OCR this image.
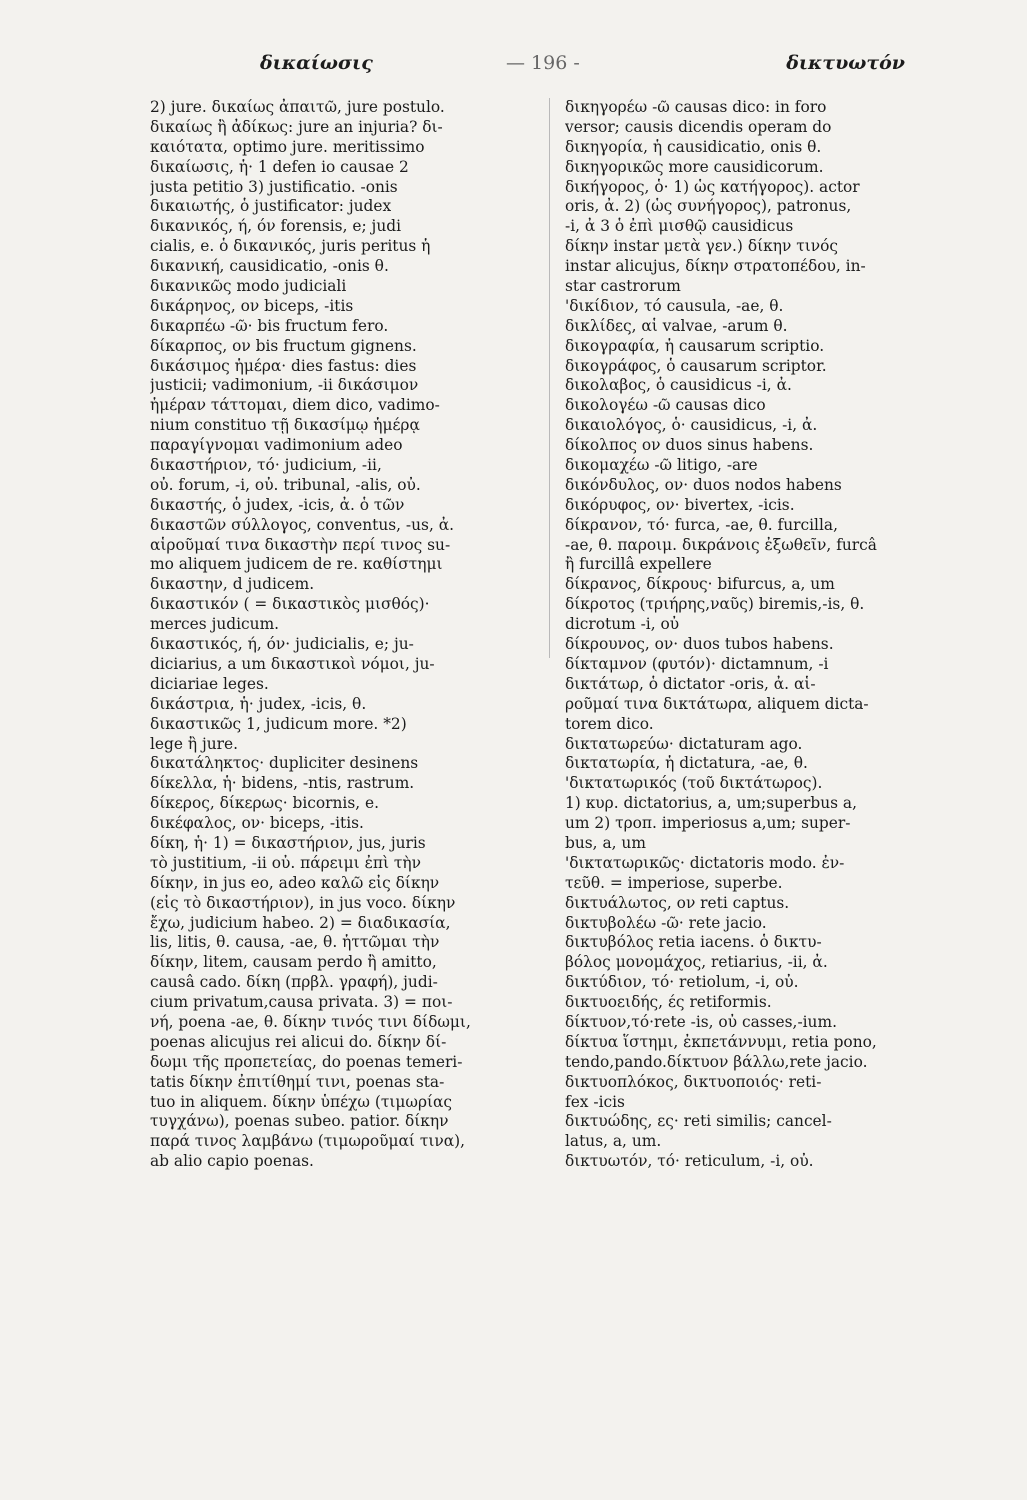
δικαίωσις	— 196 -	δικτυωτόν
2) jure. δικαίως ἀπαιτῶ, jure postulo.
δικαίως ἢ ἀδίκως: jure an injuria? δι-
καιότατα, optimo jure. meritissimo
δικαίωσις, ἡ· 1 defen io causae 2
justa petitio 3) justificatio. -onis
δικαιωτής, ὁ justificator: judex
δικανικός, ή, όν forensis, e; judi
cialis, e. ὁ δικανικός, juris peritus ἡ
δικανική, causidicatio, -onis θ.
δικανικῶς modo judiciali
δικάρηνος, ον biceps, -itis
δικαρπέω -ῶ· bis fructum fero.
δίκαρπος, ον bis fructum gignens.
δικάσιμος ἡμέρα· dies fastus: dies
justicii; vadimonium, -ii δικάσιμον
ἡμέραν τάττομαι, diem dico, vadimo-
nium constituo τῇ δικασίμῳ ἡμέρᾳ
παραγίγνομαι vadimonium adeo
δικαστήριον, τό· judicium, -ii,
οὐ. forum, -i, οὐ. tribunal, -alis, οὐ.
δικαστής, ὁ judex, -icis, ἀ. ὁ τῶν
δικαστῶν σύλλογος, conventus, -us, ἀ.
αἱροῦμαί τινα δικαστὴν περί τινος su-
mo aliquem judicem de re. καθίστημι
δικαστην, d judicem.
δικαστικόν ( = δικαστικὸς μισθός)·
merces judicum.
δικαστικός, ή, όν· judicialis, e; ju-
diciarius, a um δικαστικοὶ νόμοι, ju-
diciariae leges.
δικάστρια, ἡ· judex, -icis, θ.
δικαστικῶς 1, judicum more. *2)
lege ἢ jure.
δικατάληκτος· dupliciter desinens
δίκελλα, ἡ· bidens, -ntis, rastrum.
δίκερος, δίκερως· bicornis, e.
δικέφαλος, ον· biceps, -itis.
δίκη, ἡ· 1) = δικαστήριον, jus, juris
τὸ justitium, -ii οὐ. πάρειμι ἐπὶ τὴν
δίκην, in jus eo, adeo καλῶ εἰς δίκην
(εἰς τὸ δικαστήριον), in jus voco. δίκην
ἔχω, judicium habeo. 2) = διαδικασία,
lis, litis, θ. causa, -ae, θ. ἡττῶμαι τὴν
δίκην, litem, causam perdo ἢ amitto,
causâ cado. δίκη (πρβλ. γραφή), judi-
cium privatum,causa privata. 3) = ποι-
νή, poena -ae, θ. δίκην τινός τινι δίδωμι,
poenas alicujus rei alicui do. δίκην δί-
δωμι τῆς προπετείας, do poenas temeri-
tatis δίκην ἐπιτίθημί τινι, poenas sta-
tuo in aliquem. δίκην ὑπέχω (τιμωρίας
τυγχάνω), poenas subeo. patior. δίκην
παρά τινος λαμβάνω (τιμωροῦμαί τινα),
ab alio capio poenas.
δικηγορέω -ῶ causas dico: in foro
versor; causis dicendis operam do
δικηγορία, ἡ causidicatio, onis θ.
δικηγορικῶς more causidicorum.
δικήγορος, ὁ· 1) ὡς κατήγορος). actor
oris, ἀ. 2) (ὡς συνήγορος), patronus,
-i, ἀ 3 ὁ ἐπὶ μισθῷ causidicus
δίκην instar μετὰ γεν.) δίκην τινός
instar alicujus, δίκην στρατοπέδου, in-
star castrorum
'δικίδιον, τό causula, -ae, θ.
δικλίδες, αἱ valvae, -arum θ.
δικογραφία, ἡ causarum scriptio.
δικογράφος, ὁ causarum scriptor.
δικολαβος, ὁ causidicus -i, ἀ.
δικολογέω -ῶ causas dico
δικαιολόγος, ὁ· causidicus, -i, ἀ.
δίκολπος ον duos sinus habens.
δικομαχέω -ῶ litigo, -are
δικόνδυλος, ον· duos nodos habens
δικόρυφος, ον· bivertex, -icis.
δίκρανον, τό· furca, -ae, θ. furcilla,
-ae, θ. παροιμ. δικράνοις ἐξωθεῖν, furcâ
ἢ furcillâ expellere
δίκρανος, δίκρους· bifurcus, a, um
δίκροτος (τριήρης,ναῦς) biremis,-is, θ.
dicrotum -i, οὐ
δίκρουνος, ον· duos tubos habens.
δίκταμνον (φυτόν)· dictamnum, -i
δικτάτωρ, ὁ dictator -oris, ἀ. αἱ-
ροῦμαί τινα δικτάτωρα, aliquem dicta-
torem dico.
δικτατωρεύω· dictaturam ago.
δικτατωρία, ἡ dictatura, -ae, θ.
'δικτατωρικός (τοῦ δικτάτωρος).
1) κυρ. dictatorius, a, um;superbus a,
um 2) τροπ. imperiosus a,um; super-
bus, a, um
'δικτατωρικῶς· dictatoris modo. ἐν-
τεῦθ. = imperiose, superbe.
δικτυάλωτος, ον reti captus.
δικτυβολέω -ῶ· rete jacio.
δικτυβόλος retia iacens. ὁ δικτυ-
βόλος μονομάχος, retiarius, -ii, ἀ.
δικτύδιον, τό· retiolum, -i, οὐ.
δικτυοειδής, ές retiformis.
δίκτυον,τό·rete -is, οὐ casses,-ium.
δίκτυα ἵστημι, ἐκπετάννυμι, retia pono,
tendo,pando.δίκτυον βάλλω,rete jacio.
δικτυοπλόκος, δικτυοποιός· reti-
fex -icis
δικτυώδης, ες· reti similis; cancel-
latus, a, um.
δικτυωτόν, τό· reticulum, -i, οὐ.
